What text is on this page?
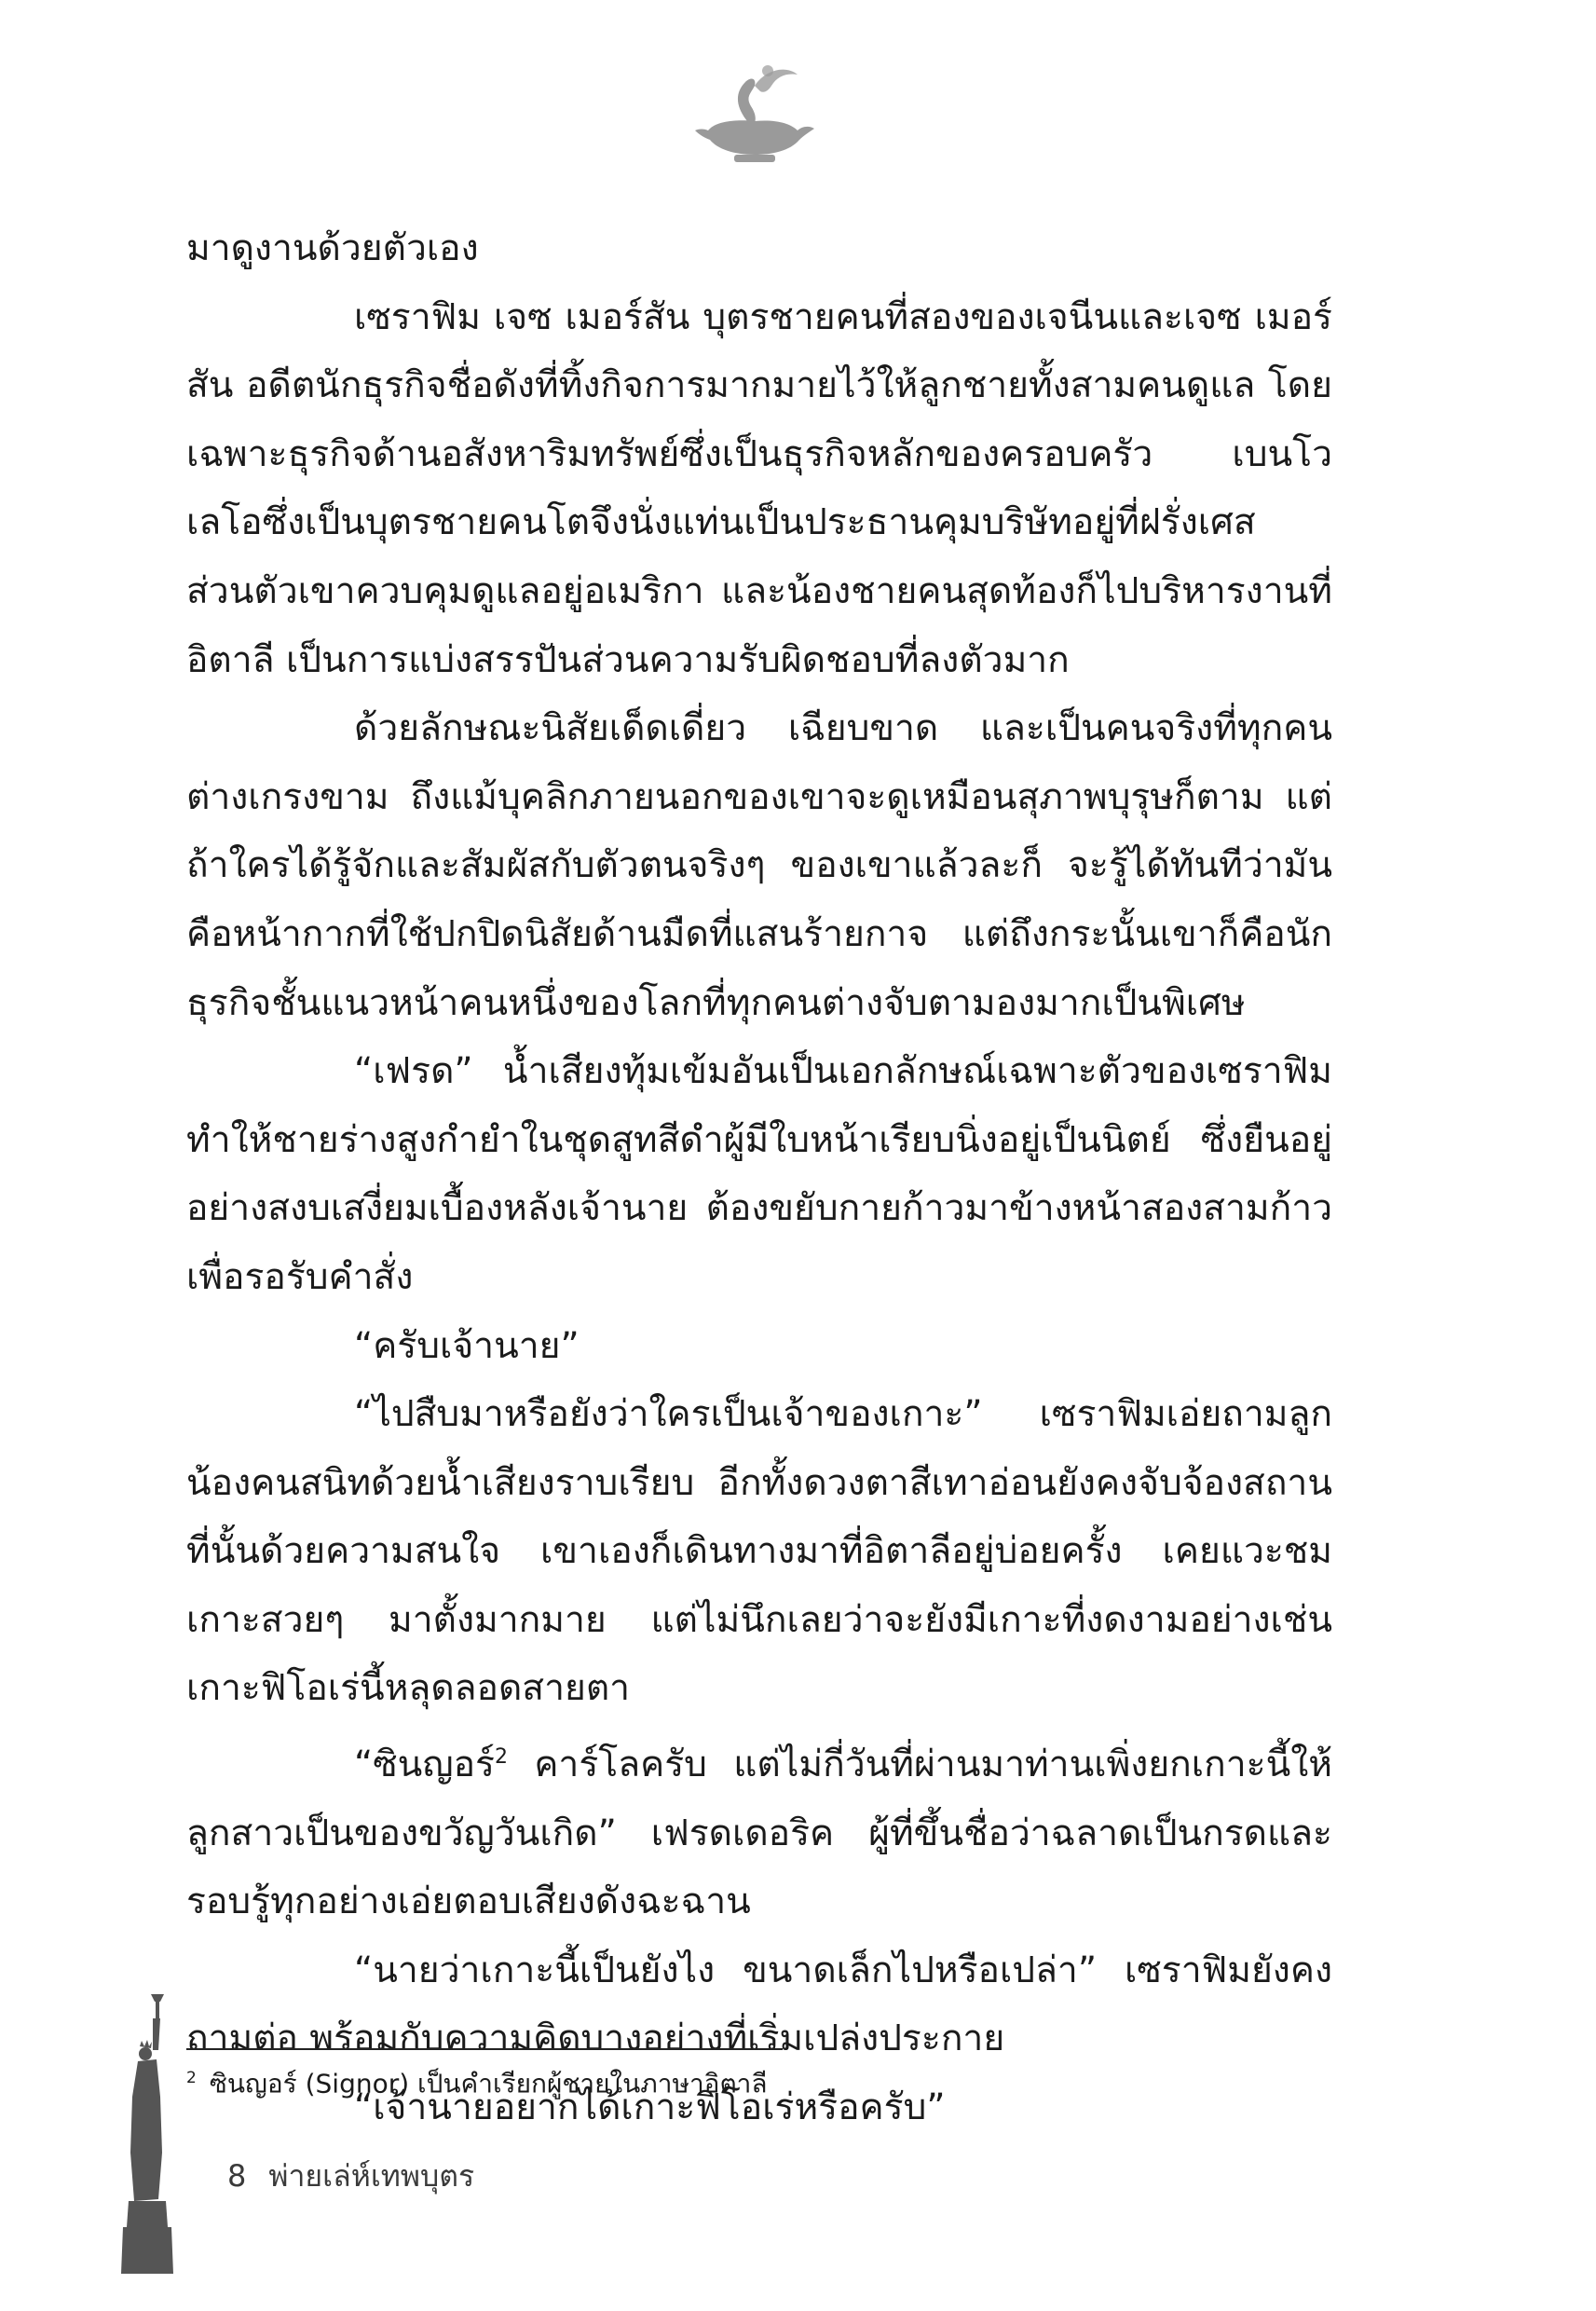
มาดูงานด้วยตัวเอง

เซราฟิม เจซ เมอร์สัน บุตรชายคนที่สองของเจนีนและเจซ เมอร์สัน อดีตนักธุรกิจชื่อดังที่ทิ้งกิจการมากมายไว้ให้ลูกชายทั้งสามคนดูแล โดยเฉพาะธุรกิจด้านอสังหาริมทรัพย์ซึ่งเป็นธุรกิจหลักของครอบครัว เบนโวเลโอซึ่งเป็นบุตรชายคนโตจึงนั่งแท่นเป็นประธานคุมบริษัทอยู่ที่ฝรั่งเศส ส่วนตัวเขาควบคุมดูแลอยู่อเมริกา และน้องชายคนสุดท้องก็ไปบริหารงานที่อิตาลี เป็นการแบ่งสรรปันส่วนความรับผิดชอบที่ลงตัวมาก

ด้วยลักษณะนิสัยเด็ดเดี่ยว เฉียบขาด และเป็นคนจริงที่ทุกคนต่างเกรงขาม ถึงแม้บุคลิกภายนอกของเขาจะดูเหมือนสุภาพบุรุษก็ตาม แต่ถ้าใครได้รู้จักและสัมผัสกับตัวตนจริงๆ ของเขาแล้วละก็ จะรู้ได้ทันทีว่ามันคือหน้ากากที่ใช้ปกปิดนิสัยด้านมืดที่แสนร้ายกาจ แต่ถึงกระนั้นเขาก็คือนักธุรกิจชั้นแนวหน้าคนหนึ่งของโลกที่ทุกคนต่างจับตามองมากเป็นพิเศษ

“เฟรด” น้ำเสียงทุ้มเข้มอันเป็นเอกลักษณ์เฉพาะตัวของเซราฟิมทำให้ชายร่างสูงกำยำในชุดสูทสีดำผู้มีใบหน้าเรียบนิ่งอยู่เป็นนิตย์ ซึ่งยืนอยู่อย่างสงบเสงี่ยมเบื้องหลังเจ้านาย ต้องขยับกายก้าวมาข้างหน้าสองสามก้าวเพื่อรอรับคำสั่ง

“ครับเจ้านาย”

“ไปสืบมาหรือยังว่าใครเป็นเจ้าของเกาะ” เซราฟิมเอ่ยถามลูกน้องคนสนิทด้วยน้ำเสียงราบเรียบ อีกทั้งดวงตาสีเทาอ่อนยังคงจับจ้องสถานที่นั้นด้วยความสนใจ เขาเองก็เดินทางมาที่อิตาลีอยู่บ่อยครั้ง เคยแวะชมเกาะสวยๆ มาตั้งมากมาย แต่ไม่นึกเลยว่าจะยังมีเกาะที่งดงามอย่างเช่นเกาะฟิโอเร่นี้หลุดลอดสายตา

“ซินญอร์$^2$ คาร์โลครับ แต่ไม่กี่วันที่ผ่านมาท่านเพิ่งยกเกาะนี้ให้ลูกสาวเป็นของขวัญวันเกิด” เฟรดเดอริค ผู้ที่ขึ้นชื่อว่าฉลาดเป็นกรดและรอบรู้ทุกอย่างเอ่ยตอบเสียงดังฉะฉาน

“นายว่าเกาะนี้เป็นยังไง ขนาดเล็กไปหรือเปล่า” เซราฟิมยังคงถามต่อ พร้อมกับความคิดบางอย่างที่เริ่มเปล่งประกาย

“เจ้านายอยากได้เกาะฟิโอเร่หรือครับ”

$^2$ ซินญอร์ (Signor) เป็นคำเรียกผู้ชายในภาษาอิตาลี
8 พ่ายเล่ห์เทพบุตร
